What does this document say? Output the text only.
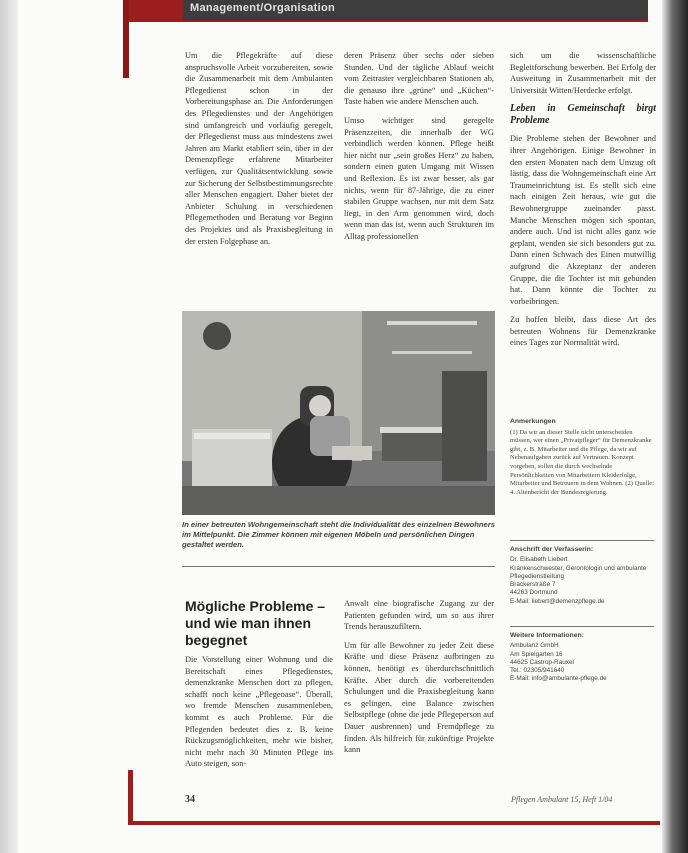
Management/Organisation

Um die Pflegekräfte auf diese anspruchsvolle Arbeit vorzubereiten, sowie die Zusammenarbeit mit dem Ambulanten Pflegedienst schon in der Vorbereitungsphase an. Die Anforderungen des Pflegedienstes und der Angehörigen sind umfangreich und vorläufig geregelt, der Pflegedienst muss aus mindestens zwei Jahren am Markt etabliert sein, über in der Demenzpflege erfahrene Mitarbeiter verfügen, zur Qualitätsentwicklung sowie zur Sicherung der Selbstbestimmungsrechte aller Menschen engagiert. Daher bietet der Anbieter Schulung in verschiedenen Pflegemethoden und Beratung vor Beginn des Projektes und als Praxisbegleitung in der ersten Folgephase an.

deren Präsenz über sechs oder sieben Stunden. Und der tägliche Ablauf weicht vom Zeitraster vergleichbaren Stationen ab, die genauso ihre „grüne“ und „Küchen“-Taste haben wie andere Menschen auch.

Umso wichtiger sind geregelte Präsenzzeiten, die innerhalb der WG verbindlich werden können. Pflege heißt hier nicht nur „sein großes Herz“ zu haben, sondern einen guten Umgang mit Wissen und Reflexion. Es ist zwar besser, als gar nichts, wenn für 87-Jährige, die zu einer stabilen Gruppe wachsen, nur mit dem Satz liegt, in den Arm genommen wird, doch wenn man das ist, wenn auch Strukturen im Alltag professionellen

sich um die wissenschaftliche Begleitforschung bewerben. Bei Erfolg der Ausweitung in Zusammenarbeit mit der Universität Witten/Herdecke erfolgt.

Leben in Gemeinschaft birgt Probleme

Die Probleme stehen der Bewohner und ihrer Angehörigen. Einige Bewohner in den ersten Monaten nach dem Umzug oft lästig, dass die Wohngemeinschaft eine Art Traumeinrichtung ist. Es stellt sich eine nach einigen Zeit heraus, wie gut die Bewohnergruppe zueinander passt. Manche Menschen mögen sich spontan, andere auch. Und ist nicht alles ganz wie geplant, wenden sie sich besonders gut zu. Dann einen Schwach des Einen mutwillig aufgrund die Akzeptanz der anderen Gruppe, die die Tochter ist mit gebunden hat. Dann könnte die Tochter zu vorbeibringen.

Zu hoffen bleibt, dass diese Art des betreuten Wohnens für Demenzkranke eines Tages zur Normalität wird.

In einer betreuten Wohngemeinschaft steht die Individualität des einzelnen Bewohners im Mittelpunkt. Die Zimmer können mit eigenen Möbeln und persönlichen Dingen gestaltet werden.
Mögliche Probleme – und wie man ihnen begegnet

Die Vorstellung einer Wohnung und die Bereitschaft eines Pflegedienstes, demenzkranke Menschen dort zu pflegen, schafft noch keine „Pflegeoase“. Überall, wo fremde Menschen zusammenleben, kommt es auch Probleme. Für die Pflegenden bedeutet dies z. B. keine Rückzugsmöglichkeiten, mehr wie bisher, nicht mehr nach 30 Minuten Pflege ins Auto steigen, son-

Anwalt eine biografische Zugang zu der Patienten gefunden wird, um so aus ihrer Trends herauszufiltern.

Um für alle Bewohner zu jeder Zeit diese Kräfte und diese Präsenz aufbringen zu können, benötigt es überdurchschnittlich Kräfte. Aber durch die vorbereitenden Schulungen und die Praxisbegleitung kann es gelingen, eine Balance zwischen Selbstpflege (ohne die jede Pflegeperson auf Dauer ausbrennen) und Fremdpflege zu finden. Als hilfreich für zukünftige Projekte kann

Anmerkungen
(1) Da wir an dieser Stelle nicht unterscheiden müssen, wer einen „Privatpfleger“ für Demenzkranke gibt, z. B. Mitarbeiter und die Pflege, da wir auf Nebenaufgaben zurück auf Vertrauen. Konzept vorgeben, sollen die durch wechselnde Persönlichkeiten von Mitarbeitern Kleiderfolge, Mitarbeiter und Betreuern in dem Wohnen. (2) Quelle: 4. Altenbericht der Bundesregierung.
Anschrift der Verfasserin:
Dr. Elisabeth Liebert
Krankenschwester, Gerontologin und ambulante Pflegedienstleitung
Brackerstraße 7
44263 Dortmund
E-Mail: liebert@demenzpflege.de
Weitere Informationen:
Ambulanz GmbH
Am Spielgarten 16
44625 Castrop-Rauxel
Tel.: 02305/941640
E-Mail: info@ambulante-pflege.de
34	Pflegen Ambulant 15, Heft 1/04
